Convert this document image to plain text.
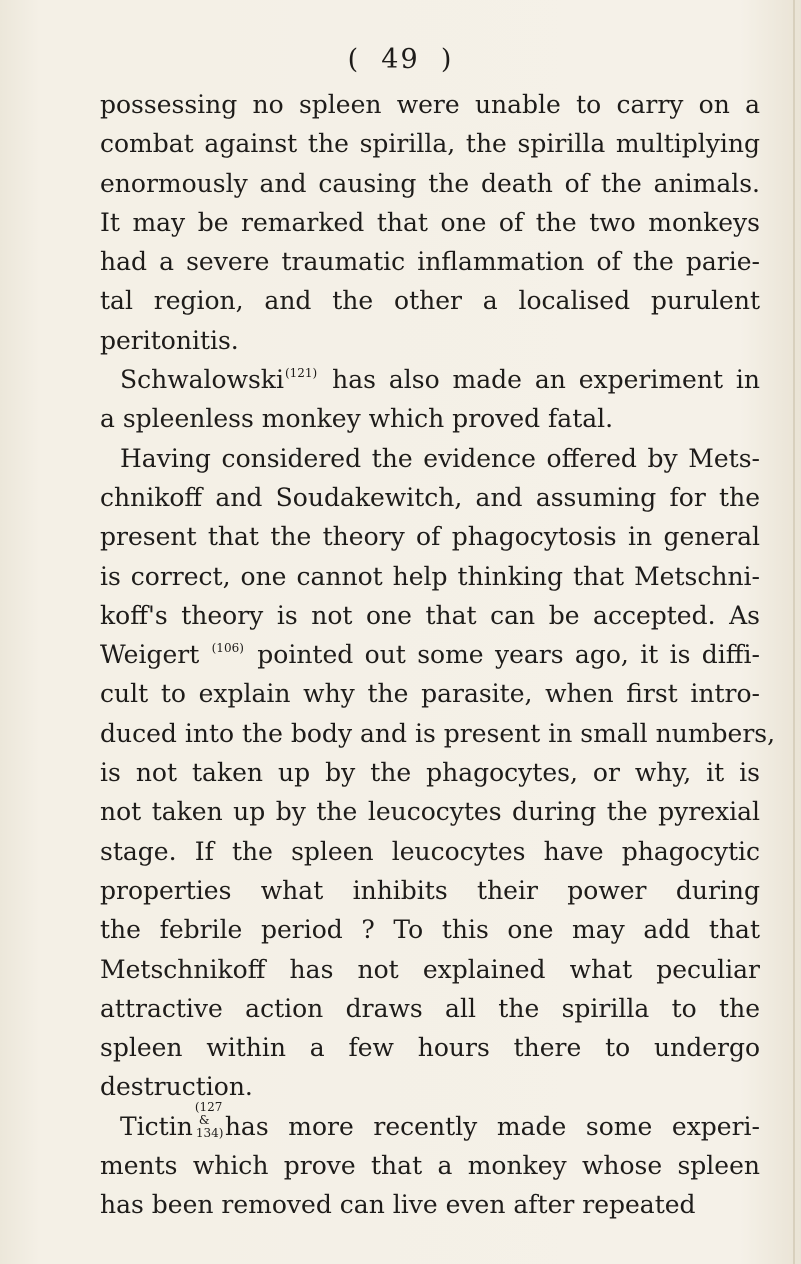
(  49  )
possessing no spleen were unable to carry on a
combat against the spirilla, the spirilla multiplying
enormously and causing the death of the animals.
It may be remarked that one of the two monkeys
had a severe traumatic inflammation of the parie-
tal region, and the other a localised purulent
peritonitis.
Schwalowski$^{(121)}$ has also made an experiment in
a spleenless monkey which proved fatal.
Having considered the evidence offered by Mets-
chnikoff and Soudakewitch, and assuming for the
present that the theory of phagocytosis in general
is correct, one cannot help thinking that Metschni-
koff's theory is not one that can be accepted. As
Weigert $^{(106)}$ pointed out some years ago, it is diffi-
cult to explain why the parasite, when first intro-
duced into the body and is present in small numbers,
is not taken up by the phagocytes, or why, it is
not taken up by the leucocytes during the pyrexial
stage. If the spleen leucocytes have phagocytic
properties what inhibits their power during
the febrile period ? To this one may add that
Metschnikoff has not explained what peculiar
attractive action draws all the spirilla to the
spleen within a few hours there to undergo
destruction.
Tictin
(127
&
134) has more recently made some experi-
ments which prove that a monkey whose spleen
has been removed can live even after repeated
